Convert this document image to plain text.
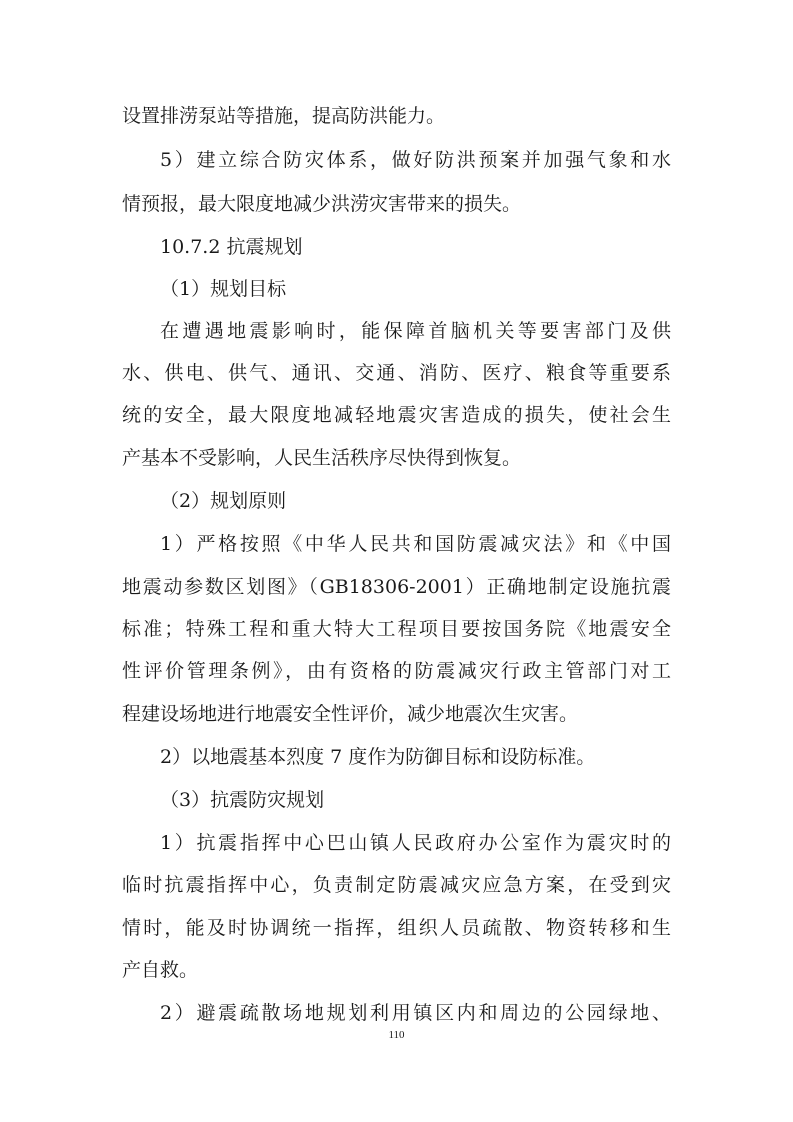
设置排涝泵站等措施，提高防洪能力。
5）建立综合防灾体系，做好防洪预案并加强气象和水
情预报，最大限度地减少洪涝灾害带来的损失。
10.7.2 抗震规划
（1）规划目标
在遭遇地震影响时，能保障首脑机关等要害部门及供
水、供电、供气、通讯、交通、消防、医疗、粮食等重要系
统的安全，最大限度地减轻地震灾害造成的损失，使社会生
产基本不受影响，人民生活秩序尽快得到恢复。
（2）规划原则
1）严格按照《中华人民共和国防震减灾法》和《中国
地震动参数区划图》（GB18306-2001）正确地制定设施抗震
标准；特殊工程和重大特大工程项目要按国务院《地震安全
性评价管理条例》，由有资格的防震减灾行政主管部门对工
程建设场地进行地震安全性评价，减少地震次生灾害。
2）以地震基本烈度 7 度作为防御目标和设防标准。
（3）抗震防灾规划
1）抗震指挥中心巴山镇人民政府办公室作为震灾时的
临时抗震指挥中心，负责制定防震减灾应急方案，在受到灾
情时，能及时协调统一指挥，组织人员疏散、物资转移和生
产自救。
2）避震疏散场地规划利用镇区内和周边的公园绿地、
110
